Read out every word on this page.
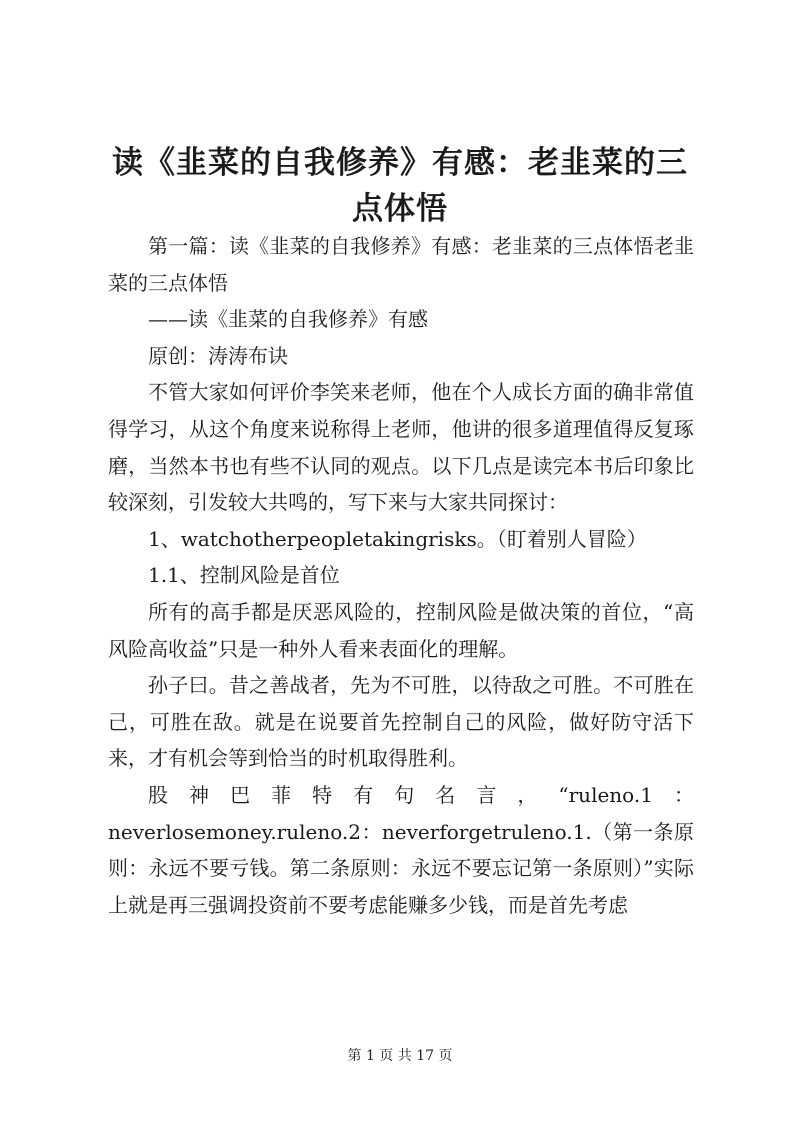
读《韭菜的自我修养》有感：老韭菜的三点体悟

第一篇：读《韭菜的自我修养》有感：老韭菜的三点体悟老韭菜的三点体悟

——读《韭菜的自我修养》有感

原创：涛涛布诀

不管大家如何评价李笑来老师，他在个人成长方面的确非常值得学习，从这个角度来说称得上老师，他讲的很多道理值得反复琢磨，当然本书也有些不认同的观点。以下几点是读完本书后印象比较深刻，引发较大共鸣的，写下来与大家共同探讨：

1、watchotherpeopletakingrisks。（盯着别人冒险）

1.1、控制风险是首位

所有的高手都是厌恶风险的，控制风险是做决策的首位，“高风险高收益”只是一种外人看来表面化的理解。

孙子曰。昔之善战者，先为不可胜，以待敌之可胜。不可胜在己，可胜在敌。就是在说要首先控制自己的风险，做好防守活下来，才有机会等到恰当的时机取得胜利。

股神巴菲特有句名言，“ruleno.1：neverlosemoney.ruleno.2：neverforgetruleno.1.（第一条原则：永远不要亏钱。第二条原则：永远不要忘记第一条原则）”实际上就是再三强调投资前不要考虑能赚多少钱，而是首先考虑

第 1 页 共 17 页
